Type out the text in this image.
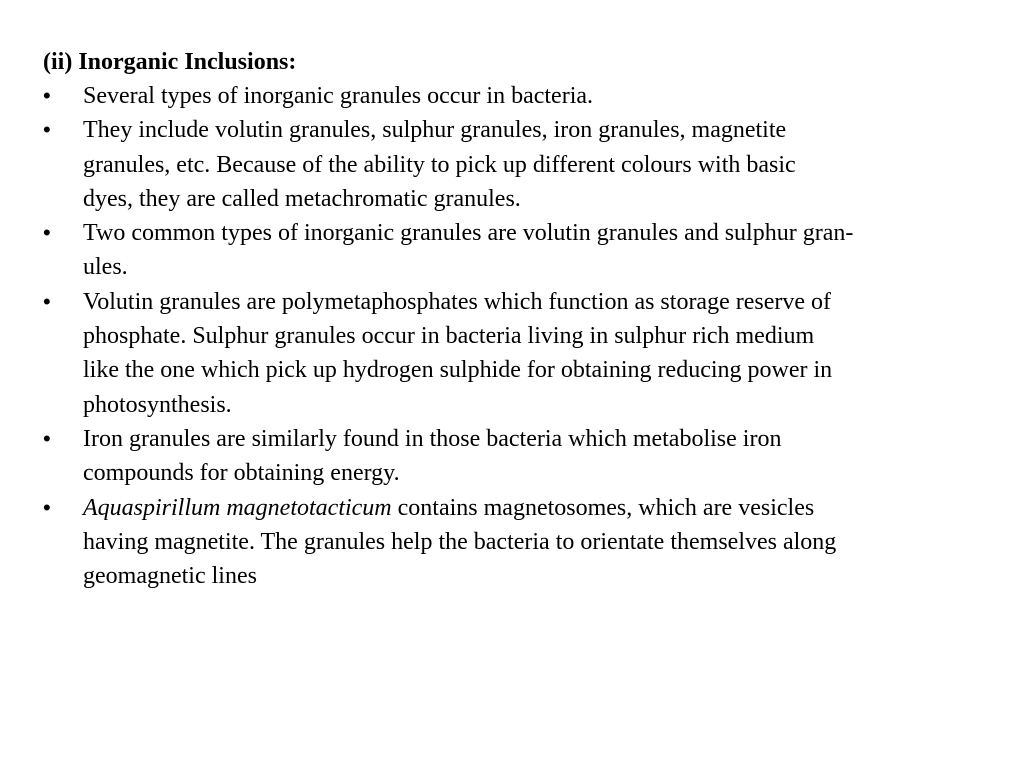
(ii) Inorganic Inclusions:
•	Several types of inorganic granules occur in bacteria.
•	They include volutin granules, sulphur granules, iron granules, magnetite
granules, etc. Because of the ability to pick up different colours with basic
dyes, they are called metachromatic granules.
•	Two common types of inorganic granules are volutin granules and sulphur gran-
ules.
•	Volutin granules are polymetaphosphates which function as storage reserve of
phosphate. Sulphur granules occur in bacteria living in sulphur rich medium
like the one which pick up hydrogen sulphide for obtaining reducing power in
photosynthesis.
•	Iron granules are similarly found in those bacteria which metabolise iron
compounds for obtaining energy.
•	Aquaspirillum magnetotacticum contains magnetosomes, which are vesicles
having magnetite. The granules help the bacteria to orientate themselves along
geomagnetic lines
